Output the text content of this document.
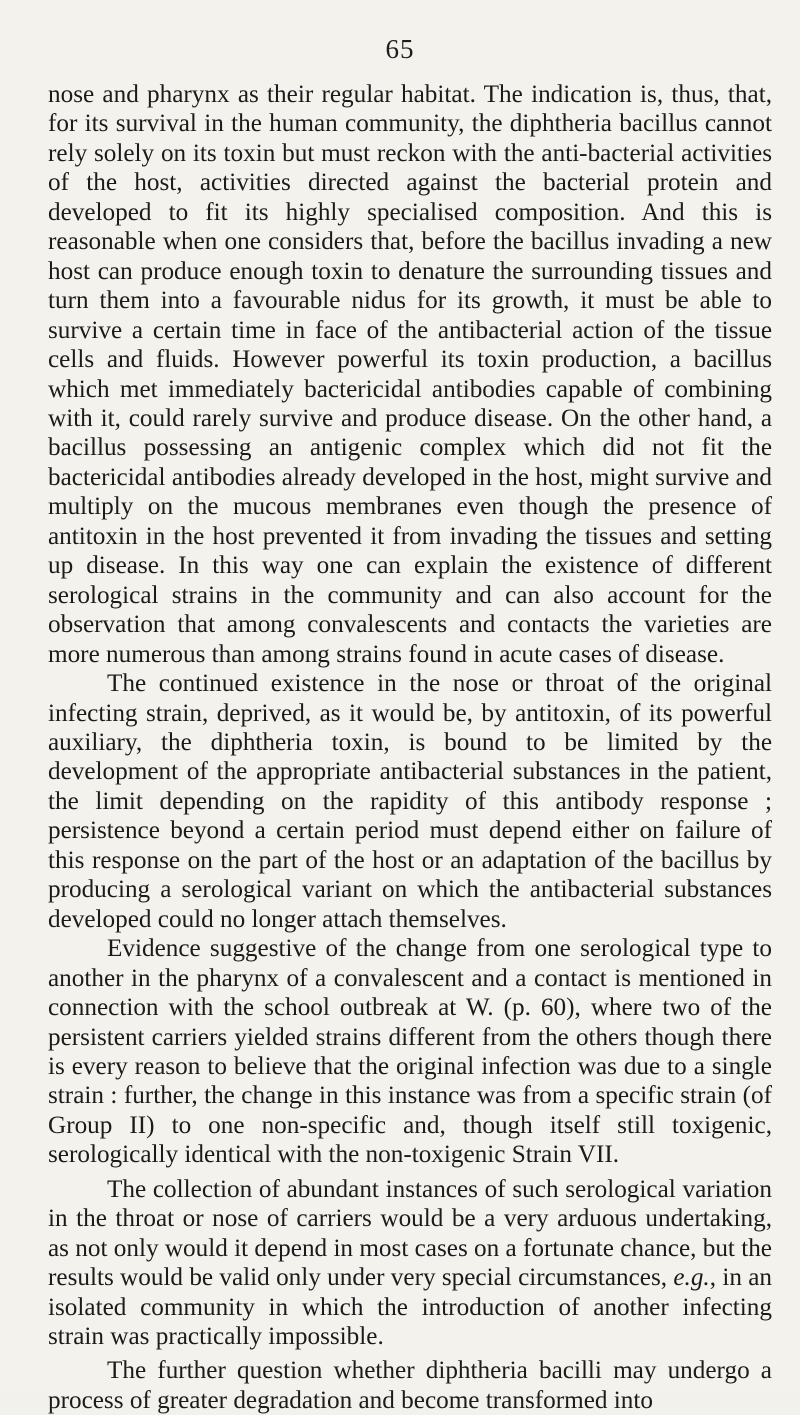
65

nose and pharynx as their regular habitat. The indication is, thus, that, for its survival in the human community, the diphtheria bacillus cannot rely solely on its toxin but must reckon with the anti-bacterial activities of the host, activities directed against the bacterial protein and developed to fit its highly specialised composition. And this is reasonable when one considers that, before the bacillus invading a new host can produce enough toxin to denature the surrounding tissues and turn them into a favourable nidus for its growth, it must be able to survive a certain time in face of the antibacterial action of the tissue cells and fluids. However powerful its toxin production, a bacillus which met immediately bactericidal antibodies capable of combining with it, could rarely survive and produce disease. On the other hand, a bacillus possessing an antigenic complex which did not fit the bactericidal antibodies already developed in the host, might survive and multiply on the mucous membranes even though the presence of antitoxin in the host prevented it from invading the tissues and setting up disease. In this way one can explain the existence of different serological strains in the community and can also account for the observation that among convalescents and contacts the varieties are more numerous than among strains found in acute cases of disease.

The continued existence in the nose or throat of the original infecting strain, deprived, as it would be, by antitoxin, of its powerful auxiliary, the diphtheria toxin, is bound to be limited by the development of the appropriate antibacterial substances in the patient, the limit depending on the rapidity of this antibody response ; persistence beyond a certain period must depend either on failure of this response on the part of the host or an adaptation of the bacillus by producing a serological variant on which the antibacterial substances developed could no longer attach themselves.

Evidence suggestive of the change from one serological type to another in the pharynx of a convalescent and a contact is mentioned in connection with the school outbreak at W. (p. 60), where two of the persistent carriers yielded strains different from the others though there is every reason to believe that the original infection was due to a single strain : further, the change in this instance was from a specific strain (of Group II) to one non-specific and, though itself still toxigenic, serologically identical with the non-toxigenic Strain VII.

The collection of abundant instances of such serological variation in the throat or nose of carriers would be a very arduous undertaking, as not only would it depend in most cases on a fortunate chance, but the results would be valid only under very special circumstances, e.g., in an isolated community in which the introduction of another infecting strain was practically impossible.

The further question whether diphtheria bacilli may undergo a process of greater degradation and become transformed into
